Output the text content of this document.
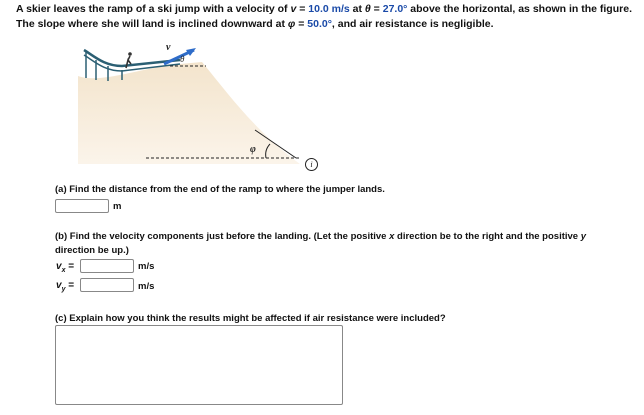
A skier leaves the ramp of a ski jump with a velocity of v = 10.0 m/s at θ = 27.0° above the horizontal, as shown in the figure.
The slope where she will land is inclined downward at φ = 50.0°, and air resistance is negligible.
v
θ
φ
i
(a) Find the distance from the end of the ramp to where the jumper lands.
m
(b) Find the velocity components just before the landing. (Let the positive x direction be to the right and the positive y
direction be up.)
$v_x$ =	m/s
$v_y$ =	m/s
(c) Explain how you think the results might be affected if air resistance were included?
